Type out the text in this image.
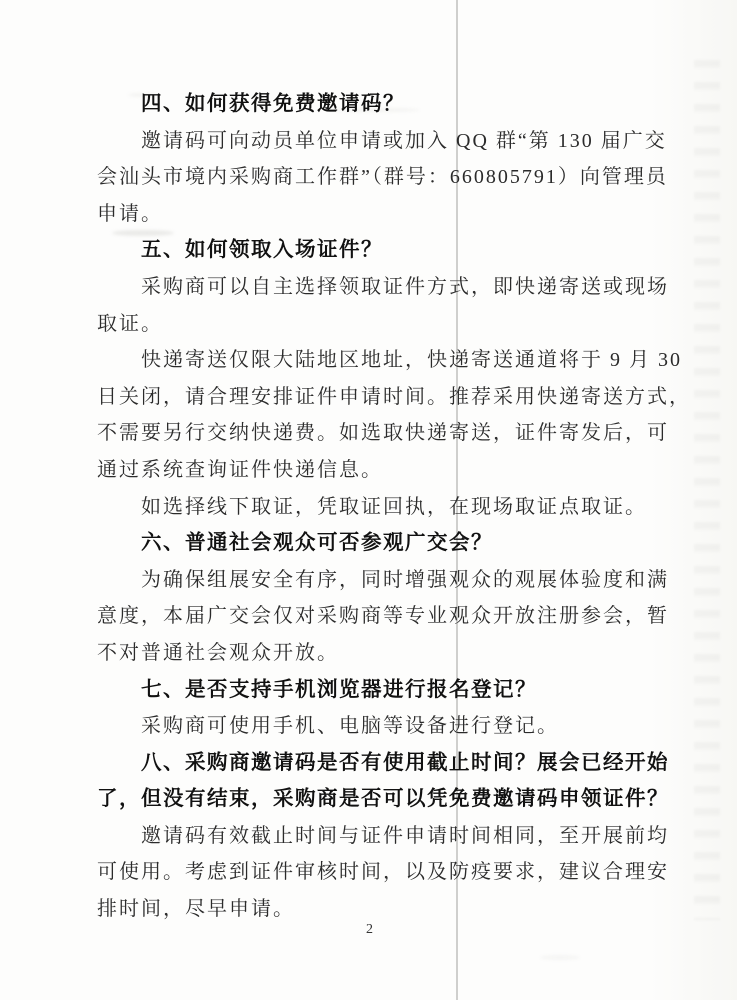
四、如何获得免费邀请码？
邀请码可向动员单位申请或加入 QQ 群“第 130 届广交
会汕头市境内采购商工作群”（群号：660805791）向管理员
申请。
五、如何领取入场证件？
采购商可以自主选择领取证件方式，即快递寄送或现场
取证。
快递寄送仅限大陆地区地址，快递寄送通道将于 9 月 30
日关闭，请合理安排证件申请时间。推荐采用快递寄送方式，
不需要另行交纳快递费。如选取快递寄送，证件寄发后，可
通过系统查询证件快递信息。
如选择线下取证，凭取证回执，在现场取证点取证。
六、普通社会观众可否参观广交会？
为确保组展安全有序，同时增强观众的观展体验度和满
意度，本届广交会仅对采购商等专业观众开放注册参会，暂
不对普通社会观众开放。
七、是否支持手机浏览器进行报名登记？
采购商可使用手机、电脑等设备进行登记。
八、采购商邀请码是否有使用截止时间？展会已经开始
了，但没有结束，采购商是否可以凭免费邀请码申领证件？
邀请码有效截止时间与证件申请时间相同，至开展前均
可使用。考虑到证件审核时间，以及防疫要求，建议合理安
排时间，尽早申请。
2
